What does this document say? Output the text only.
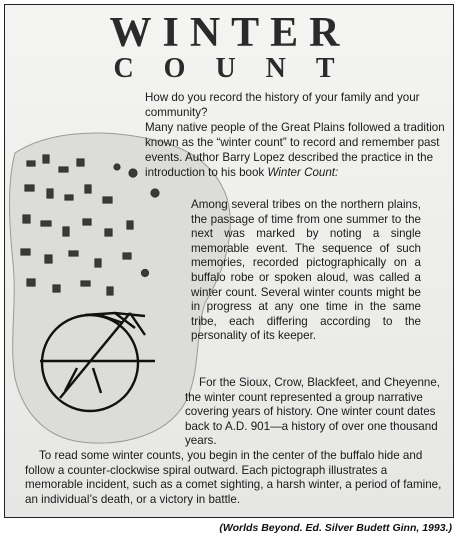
WINTER
COUNT

How do you record the history of your family and your community?

Many native people of the Great Plains followed a tradition known as the “winter count” to record and remember past events. Author Barry Lopez described the practice in the introduction to his book Winter Count:

Among several tribes on the northern plains, the passage of time from one summer to the next was marked by noting a single memorable event. The sequence of such memories, recorded pictographically on a buffalo robe or spoken aloud, was called a winter count. Several winter counts might be in progress at any one time in the same tribe, each differing according to the personality of its keeper.

For the Sioux, Crow, Blackfeet, and Cheyenne, the winter count represented a group narrative covering years of history. One winter count dates back to A.D. 901—a history of over one thousand years.

To read some winter counts, you begin in the center of the buffalo hide and follow a counter-clockwise spiral outward. Each pictograph illustrates a memorable incident, such as a comet sighting, a harsh winter, a period of famine, an individual’s death, or a victory in battle.

(Worlds Beyond. Ed. Silver Budett Ginn, 1993.)
